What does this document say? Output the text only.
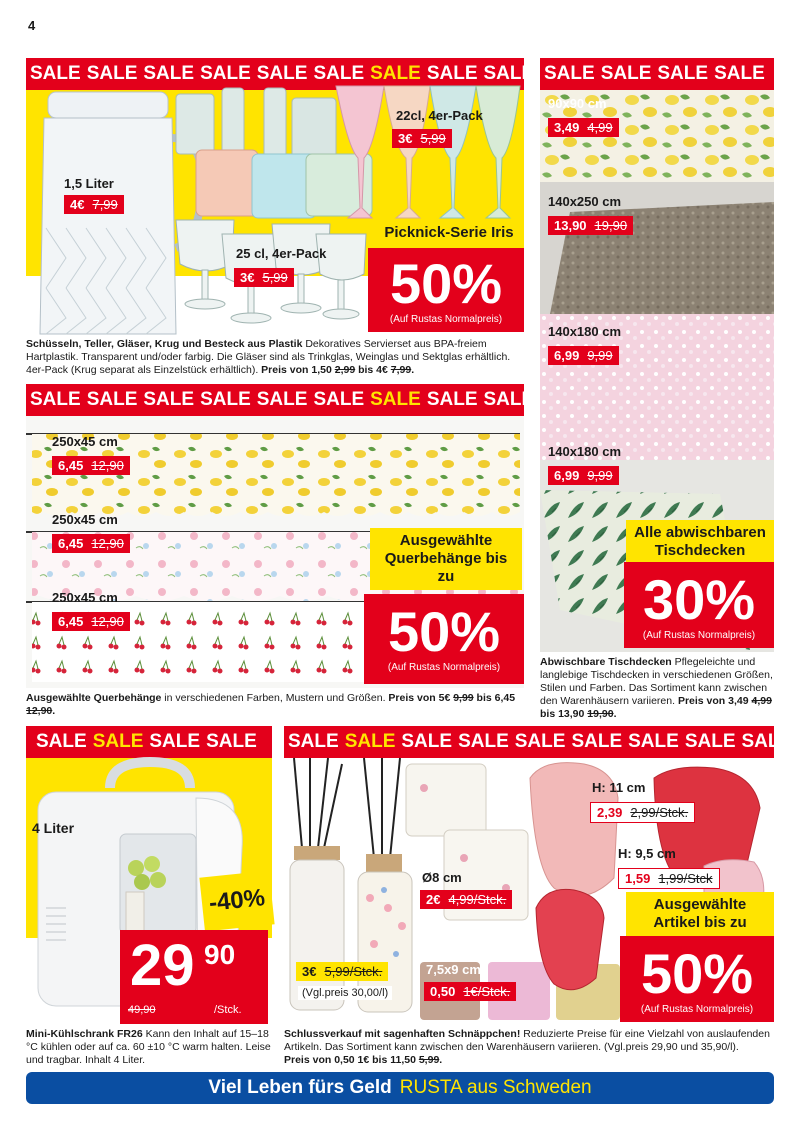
4
SALE SALE SALE SALE SALE SALE SALE SALE SALE
1,5 Liter
4€ 7,99
22cl, 4er-Pack
3€ 5,99
25 cl, 4er-Pack
3€ 5,99
Picknick-Serie Iris
50%
(Auf Rustas Normalpreis)
Schüsseln, Teller, Gläser, Krug und Besteck aus Plastik Dekoratives Servierset aus BPA-freiem Hartplastik. Transparent und/oder farbig. Die Gläser sind als Trinkglas, Weinglas und Sektglas erhältlich. 4er-Pack (Krug separat als Einzelstück erhältlich). Preis von 1,50 2,99 bis 4€ 7,99.
SALE SALE SALE SALE
90x90 cm
3,49 4,99
140x250 cm
13,90 19,90
140x180 cm
6,99 9,99
140x180 cm
6,99 9,99
Alle abwischbaren Tischdecken
30%
(Auf Rustas Normalpreis)
Abwischbare Tischdecken Pflegeleichte und langlebige Tischdecken in verschiedenen Größen, Stilen und Farben. Das Sortiment kann zwischen den Warenhäusern variieren. Preis von 3,49 4,99 bis 13,90 19,90.
SALE SALE SALE SALE SALE SALE SALE SALE SALE
250x45 cm
6,45 12,90
250x45 cm
6,45 12,90
250x45 cm
6,45 12,90
Ausgewählte Querbehänge bis zu
50%
(Auf Rustas Normalpreis)
Ausgewählte Querbehänge in verschiedenen Farben, Mustern und Größen. Preis von 5€ 9,99 bis 6,45 12,90.
SALE SALE SALE SALE
4 Liter
-40%
29 90
49,90	/Stck.
Mini-Kühlschrank FR26 Kann den Inhalt auf 15–18 °C kühlen oder auf ca. 60 ±10 °C warm halten. Leise und tragbar. Inhalt 4 Liter.
SALE SALE SALE SALE SALE SALE SALE SALE SALE
3€ 5,99/Stck.
(Vgl.preis 30,00/l)
Ø8 cm
2€ 4,99/Stck.
7,5x9 cm
0,50 1€/Stck.
H: 11 cm
2,39 2,99/Stck.
H: 9,5 cm
1,59 1,99/Stck
Ausgewählte Artikel bis zu
50%
(Auf Rustas Normalpreis)
Schlussverkauf mit sagenhaften Schnäppchen! Reduzierte Preise für eine Vielzahl von auslaufenden Artikeln. Das Sortiment kann zwischen den Warenhäusern variieren. (Vgl.preis 29,90 und 35,90/l).
Preis von 0,50 1€ bis 11,50 5,99.
Viel Leben fürs Geld RUSTA aus Schweden
